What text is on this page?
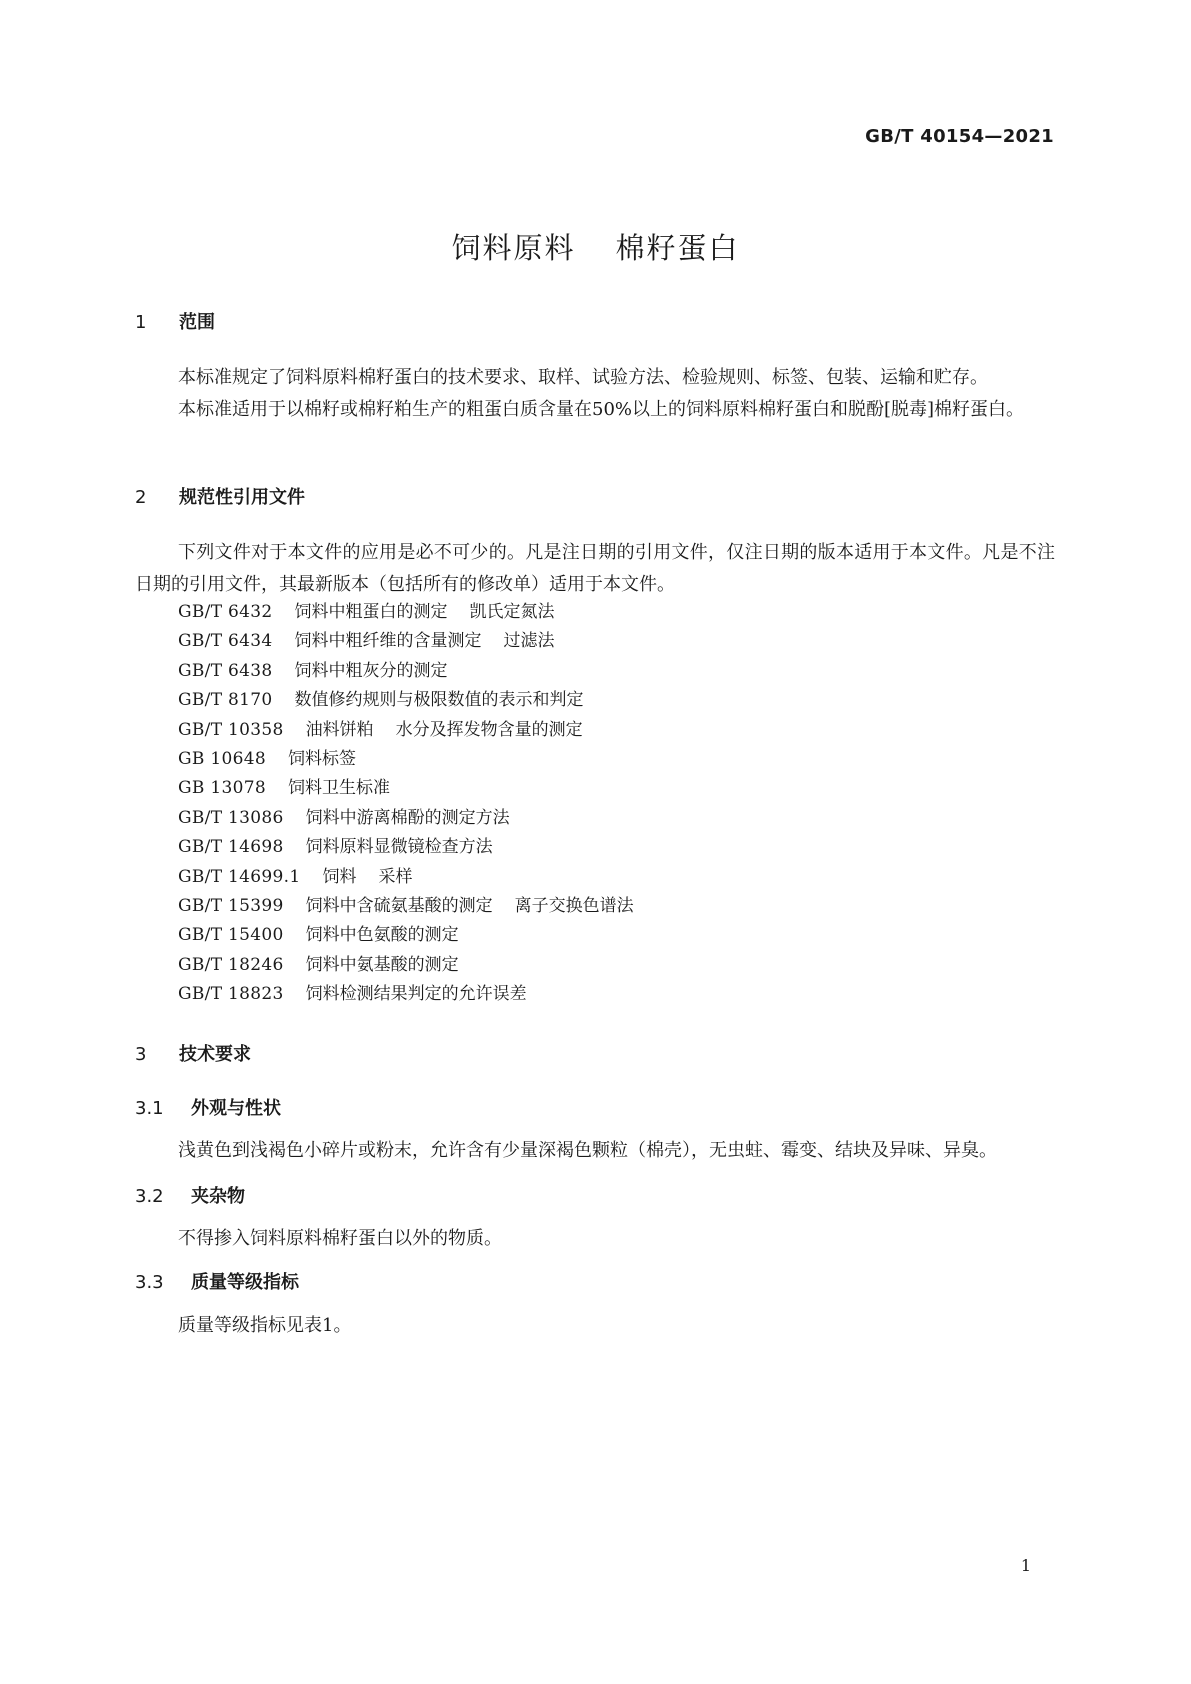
GB/T 40154—2021
饲料原料 棉籽蛋白
1 范围

本标准规定了饲料原料棉籽蛋白的技术要求、取样、试验方法、检验规则、标签、包装、运输和贮存。

本标准适用于以棉籽或棉籽粕生产的粗蛋白质含量在50%以上的饲料原料棉籽蛋白和脱酚[脱毒]棉籽蛋白。

2 规范性引用文件

下列文件对于本文件的应用是必不可少的。凡是注日期的引用文件，仅注日期的版本适用于本文件。凡是不注日期的引用文件，其最新版本（包括所有的修改单）适用于本文件。

GB/T 6432 饲料中粗蛋白的测定 凯氏定氮法
GB/T 6434 饲料中粗纤维的含量测定 过滤法
GB/T 6438 饲料中粗灰分的测定
GB/T 8170 数值修约规则与极限数值的表示和判定
GB/T 10358 油料饼粕 水分及挥发物含量的测定
GB 10648 饲料标签
GB 13078 饲料卫生标准
GB/T 13086 饲料中游离棉酚的测定方法
GB/T 14698 饲料原料显微镜检查方法
GB/T 14699.1 饲料 采样
GB/T 15399 饲料中含硫氨基酸的测定 离子交换色谱法
GB/T 15400 饲料中色氨酸的测定
GB/T 18246 饲料中氨基酸的测定
GB/T 18823 饲料检测结果判定的允许误差
3 技术要求
3.1 外观与性状
浅黄色到浅褐色小碎片或粉末，允许含有少量深褐色颗粒（棉壳），无虫蛀、霉变、结块及异味、异臭。
3.2 夹杂物
不得掺入饲料原料棉籽蛋白以外的物质。
3.3 质量等级指标
质量等级指标见表1。
1
